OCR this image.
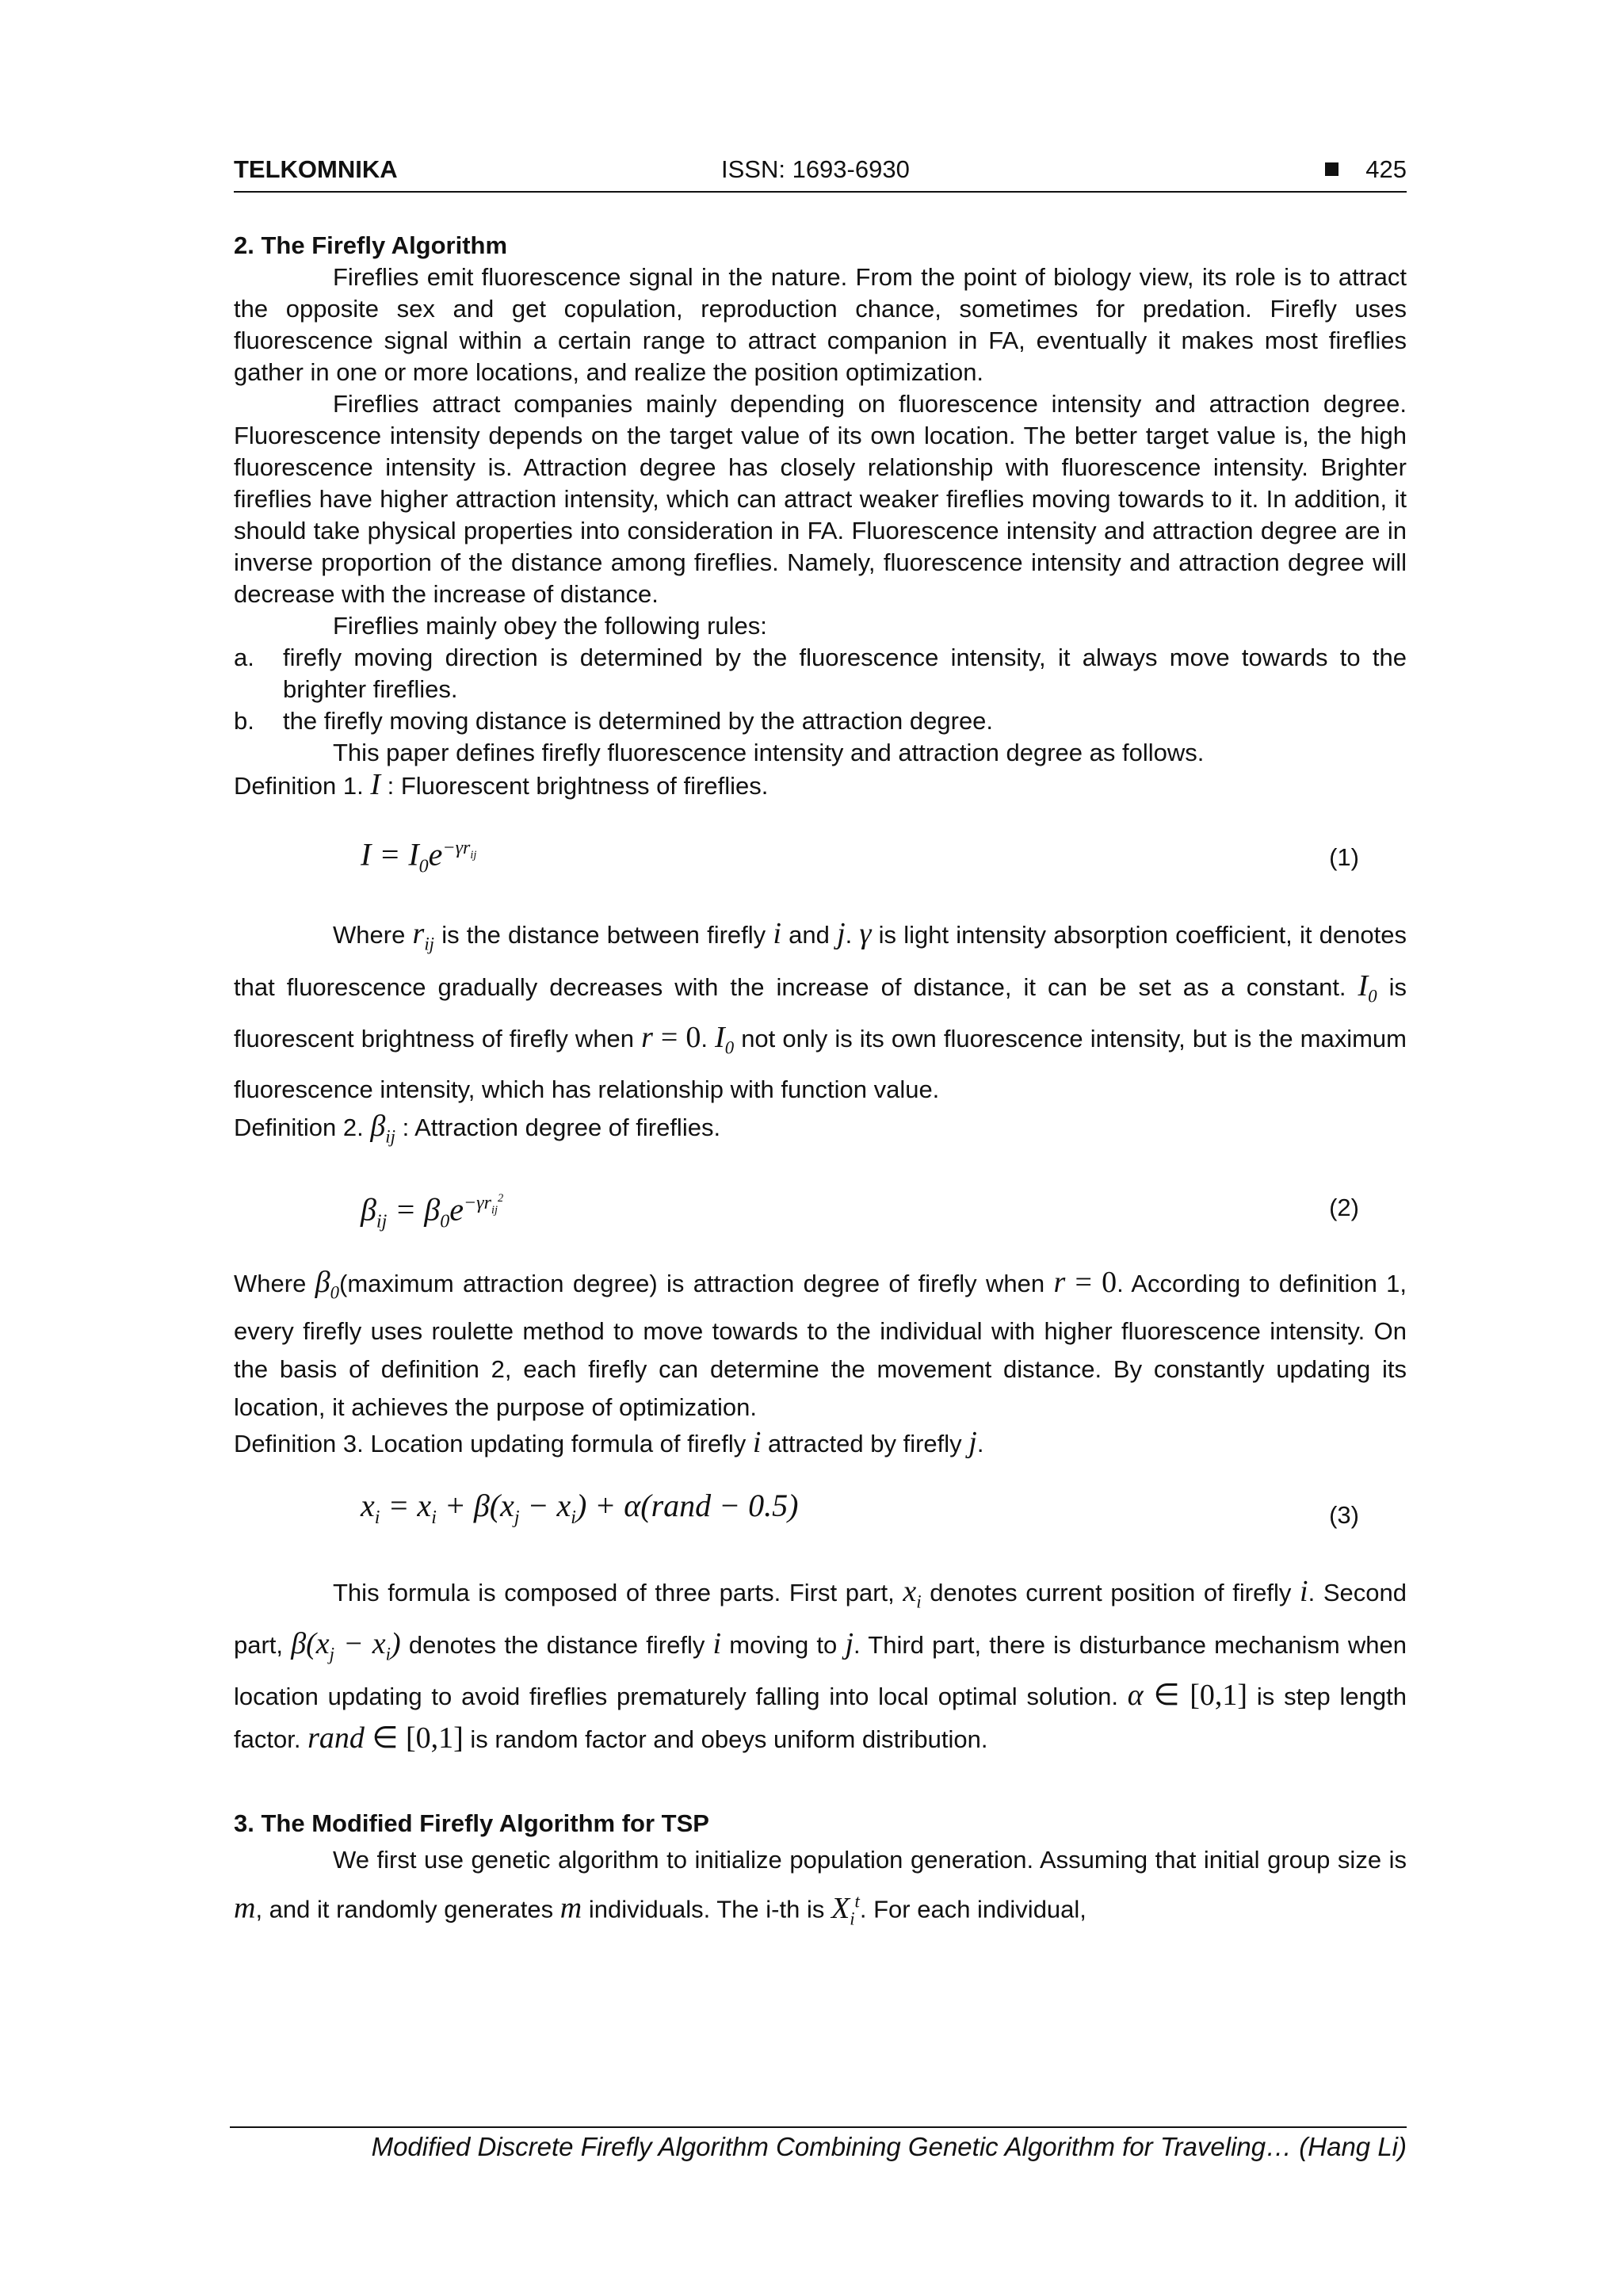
TELKOMNIKA	ISSN: 1693-6930	425

2. The Firefly Algorithm

Fireflies emit fluorescence signal in the nature. From the point of biology view, its role is to attract the opposite sex and get copulation, reproduction chance, sometimes for predation. Firefly uses fluorescence signal within a certain range to attract companion in FA, eventually it makes most fireflies gather in one or more locations, and realize the position optimization.

Fireflies attract companies mainly depending on fluorescence intensity and attraction degree. Fluorescence intensity depends on the target value of its own location. The better target value is, the high fluorescence intensity is. Attraction degree has closely relationship with fluorescence intensity. Brighter fireflies have higher attraction intensity, which can attract weaker fireflies moving towards to it. In addition, it should take physical properties into consideration in FA. Fluorescence intensity and attraction degree are in inverse proportion of the distance among fireflies. Namely, fluorescence intensity and attraction degree will decrease with the increase of distance.

Fireflies mainly obey the following rules:

a.	firefly moving direction is determined by the fluorescence intensity, it always move towards to the brighter fireflies.
b.	the firefly moving distance is determined by the attraction degree.

This paper defines firefly fluorescence intensity and attraction degree as follows.

Definition 1. I : Fluorescent brightness of fireflies.

$I = I_0e^{-\gamma r_{ij}}$	(1)

Where $r_{ij}$ is the distance between firefly i and j. γ is light intensity absorption coefficient, it denotes that fluorescence gradually decreases with the increase of distance, it can be set as a constant. $I_0$ is fluorescent brightness of firefly when r = 0. $I_0$ not only is its own fluorescence intensity, but is the maximum fluorescence intensity, which has relationship with function value.

Definition 2. $\beta_{ij}$ : Attraction degree of fireflies.

$\beta_{ij} = \beta_0e^{-\gamma r_{ij}^2}$	(2)

Where $\beta_0(maximum$ attraction degree) is attraction degree of firefly when r = 0. According to definition 1, every firefly uses roulette method to move towards to the individual with higher fluorescence intensity. On the basis of definition 2, each firefly can determine the movement distance. By constantly updating its location, it achieves the purpose of optimization.

Definition 3. Location updating formula of firefly i attracted by firefly j.

$x_i = x_i + \beta(x_j - x_i)$ + α(rand − 0.5)	(3)

This formula is composed of three parts. First part, $x_i$ denotes current position of firefly i. Second part, $\beta(x_j - x_i)$ denotes the distance firefly i moving to j. Third part, there is disturbance mechanism when location updating to avoid fireflies prematurely falling into local optimal solution. α ∈ [0,1] is step length factor. rand ∈ [0,1] is random factor and obeys uniform distribution.

3. The Modified Firefly Algorithm for TSP

We first use genetic algorithm to initialize population generation. Assuming that initial group size is m, and it randomly generates m individuals. The i-th is $X_i^t$. For each individual,

Modified Discrete Firefly Algorithm Combining Genetic Algorithm for Traveling… (Hang Li)
